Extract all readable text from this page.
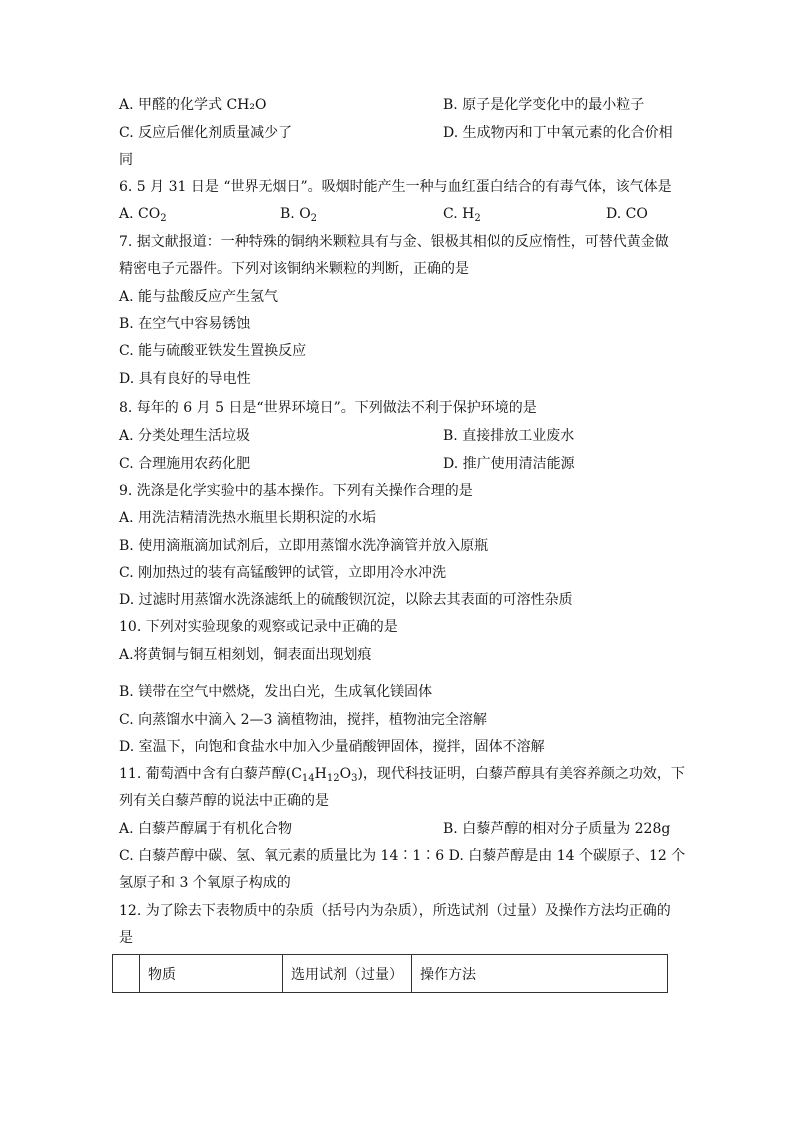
A. 甲醛的化学式 CH₂O	B. 原子是化学变化中的最小粒子
C. 反应后催化剂质量减少了	D. 生成物丙和丁中氧元素的化合价相
同
6. 5 月 31 日是 “世界无烟日”。吸烟时能产生一种与血红蛋白结合的有毒气体，该气体是
A. $CO_2$	B. $O_2$	C. $H_2$	D. CO
7. 据文献报道：一种特殊的铜纳米颗粒具有与金、银极其相似的反应惰性，可替代黄金做
精密电子元器件。下列对该铜纳米颗粒的判断，正确的是
A. 能与盐酸反应产生氢气
B. 在空气中容易锈蚀
C. 能与硫酸亚铁发生置换反应
D. 具有良好的导电性
8. 每年的 6 月 5 日是“世界环境日”。下列做法不利于保护环境的是
A. 分类处理生活垃圾	B. 直接排放工业废水
C. 合理施用农药化肥	D. 推广使用清洁能源
9. 洗涤是化学实验中的基本操作。下列有关操作合理的是
A. 用洗洁精清洗热水瓶里长期积淀的水垢
B. 使用滴瓶滴加试剂后，立即用蒸馏水洗净滴管并放入原瓶
C. 刚加热过的装有高锰酸钾的试管，立即用冷水冲洗
D. 过滤时用蒸馏水洗涤滤纸上的硫酸钡沉淀，以除去其表面的可溶性杂质
10. 下列对实验现象的观察或记录中正确的是
A.将黄铜与铜互相刻划，铜表面出现划痕
B. 镁带在空气中燃烧，发出白光，生成氧化镁固体
C. 向蒸馏水中滴入 2—3 滴植物油，搅拌，植物油完全溶解
D. 室温下，向饱和食盐水中加入少量硝酸钾固体，搅拌，固体不溶解
11. 葡萄酒中含有白藜芦醇$(C_{14}H_{12}O_3)$，现代科技证明，白藜芦醇具有美容养颜之功效，下
列有关白藜芦醇的说法中正确的是
A. 白藜芦醇属于有机化合物	B. 白藜芦醇的相对分子质量为 228g
C. 白藜芦醇中碳、氢、氧元素的质量比为 14∶1∶6 D. 白藜芦醇是由 14 个碳原子、12 个
氢原子和 3 个氧原子构成的
12. 为了除去下表物质中的杂质（括号内为杂质），所选试剂（过量）及操作方法均正确的
是
	物质	选用试剂（过量）	操作方法
